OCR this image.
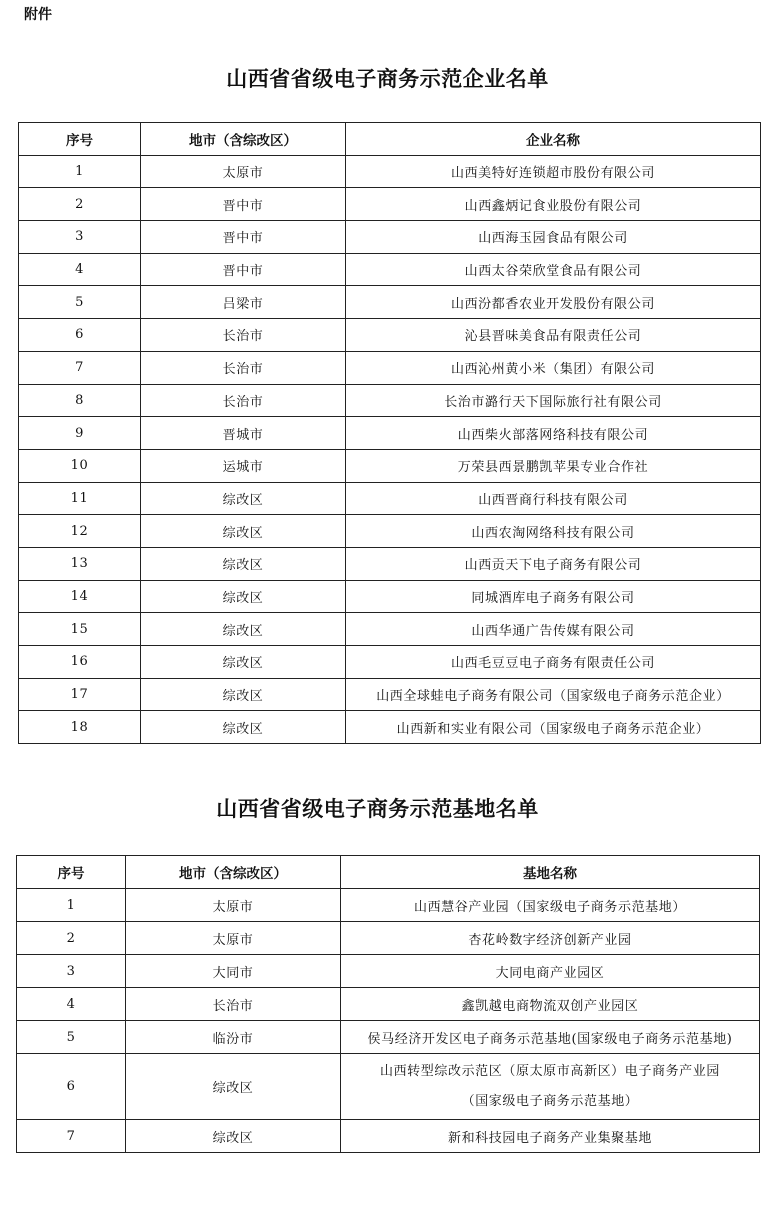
附件
山西省省级电子商务示范企业名单
序号	地市（含综改区）	企业名称
1	太原市	山西美特好连锁超市股份有限公司
2	晋中市	山西鑫炳记食业股份有限公司
3	晋中市	山西海玉园食品有限公司
4	晋中市	山西太谷荣欣堂食品有限公司
5	吕梁市	山西汾都香农业开发股份有限公司
6	长治市	沁县晋味美食品有限责任公司
7	长治市	山西沁州黄小米（集团）有限公司
8	长治市	长治市潞行天下国际旅行社有限公司
9	晋城市	山西柴火部落网络科技有限公司
10	运城市	万荣县西景鹏凯苹果专业合作社
11	综改区	山西晋商行科技有限公司
12	综改区	山西农淘网络科技有限公司
13	综改区	山西贡天下电子商务有限公司
14	综改区	同城酒库电子商务有限公司
15	综改区	山西华通广告传媒有限公司
16	综改区	山西毛豆豆电子商务有限责任公司
17	综改区	山西全球蛙电子商务有限公司（国家级电子商务示范企业）
18	综改区	山西新和实业有限公司（国家级电子商务示范企业）
山西省省级电子商务示范基地名单
序号	地市（含综改区）	基地名称
1	太原市	山西慧谷产业园（国家级电子商务示范基地）
2	太原市	杏花岭数字经济创新产业园
3	大同市	大同电商产业园区
4	长治市	鑫凯越电商物流双创产业园区
5	临汾市	侯马经济开发区电子商务示范基地(国家级电子商务示范基地)
6	综改区	山西转型综改示范区（原太原市高新区）电子商务产业园
（国家级电子商务示范基地）

7	综改区	新和科技园电子商务产业集聚基地
